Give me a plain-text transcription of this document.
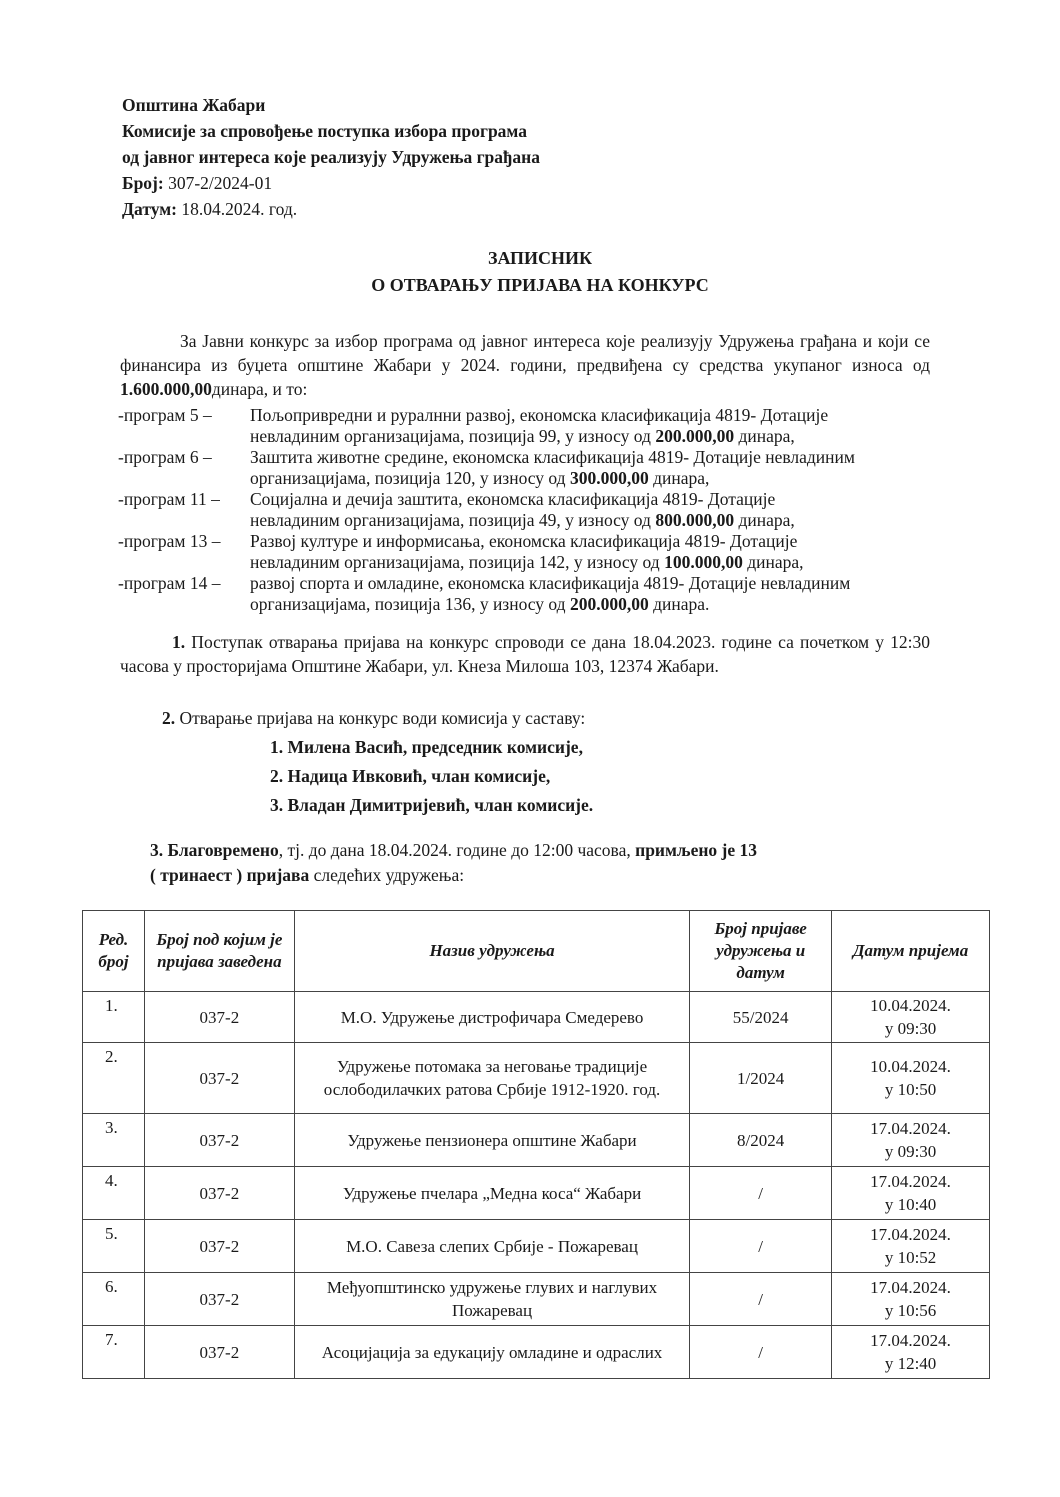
Општина Жабари
Комисије за спровођење поступка избора програма
од јавног интереса које реализују Удружења грађана
Број: 307-2/2024-01
Датум: 18.04.2024. год.
ЗАПИСНИК
О ОТВАРАЊУ ПРИЈАВА НА КОНКУРС

За Јавни конкурс за избор програма од јавног интереса које реализују Удружења грађана и који се финансира из буџета општине Жабари у 2024. години, предвиђена су средства укупаног износа од 1.600.000,00динара, и то:

-програм 5 –	Пољопривредни и руралнни развој, економска класификација 4819- Дотације
невладиним организацијама, позиција 99, у износу од 200.000,00 динара,
-програм 6 –	Заштита животне средине, економска класификација 4819- Дотације невладиним
организацијама, позиција 120, у износу од 300.000,00 динара,
-програм 11 –	Социјална и дечија заштита, економска класификација 4819- Дотације
невладиним организацијама, позиција 49, у износу од 800.000,00 динара,
-програм 13 –	Развој културе и информисања, економска класификација 4819- Дотације
невладиним организацијама, позиција 142, у износу од 100.000,00 динара,
-програм 14 –	развој спорта и омладине, економска класификација 4819- Дотације невладиним
организацијама, позиција 136, у износу од 200.000,00 динара.

1. Поступак отварања пријава на конкурс спроводи се дана 18.04.2023. године са почетком у 12:30 часова у просторијама Општине Жабари, ул. Кнеза Милоша 103, 12374 Жабари.

2. Отварање пријава на конкурс води комисија у саставу:

1. Милена Васић, председник комисије,
2. Надица Ивковић, члан комисије,
3. Владан Димитријевић, члан комисије.

3. Благовремено, тј. до дана 18.04.2024. године до 12:00 часова, примљено је 13

( тринаест ) пријава следећих удружења:

Ред. број	Број под којим је пријава заведена	Назив удружења	Број пријаве удружења и датум	Датум пријема
1.	037-2	М.О. Удружење дистрофичара Смедерево	55/2024	10.04.2024.
у 09:30

2.	037-2	Удружење потомака за неговање традиције ослободилачких ратова Србије 1912-1920. год.	1/2024	10.04.2024.
у 10:50

3.	037-2	Удружење пензионера општине Жабари	8/2024	17.04.2024.
у 09:30

4.	037-2	Удружење пчелара „Медна коса“ Жабари	/	17.04.2024.
у 10:40

5.	037-2	М.О. Савеза слепих Србије - Пожаревац	/	17.04.2024.
у 10:52

6.	037-2	Међуопштинско удружење глувих и наглувих Пожаревац	/	17.04.2024.
у 10:56

7.	037-2	Асоцијација за едукацију омладине и одраслих	/	17.04.2024.
у 12:40
